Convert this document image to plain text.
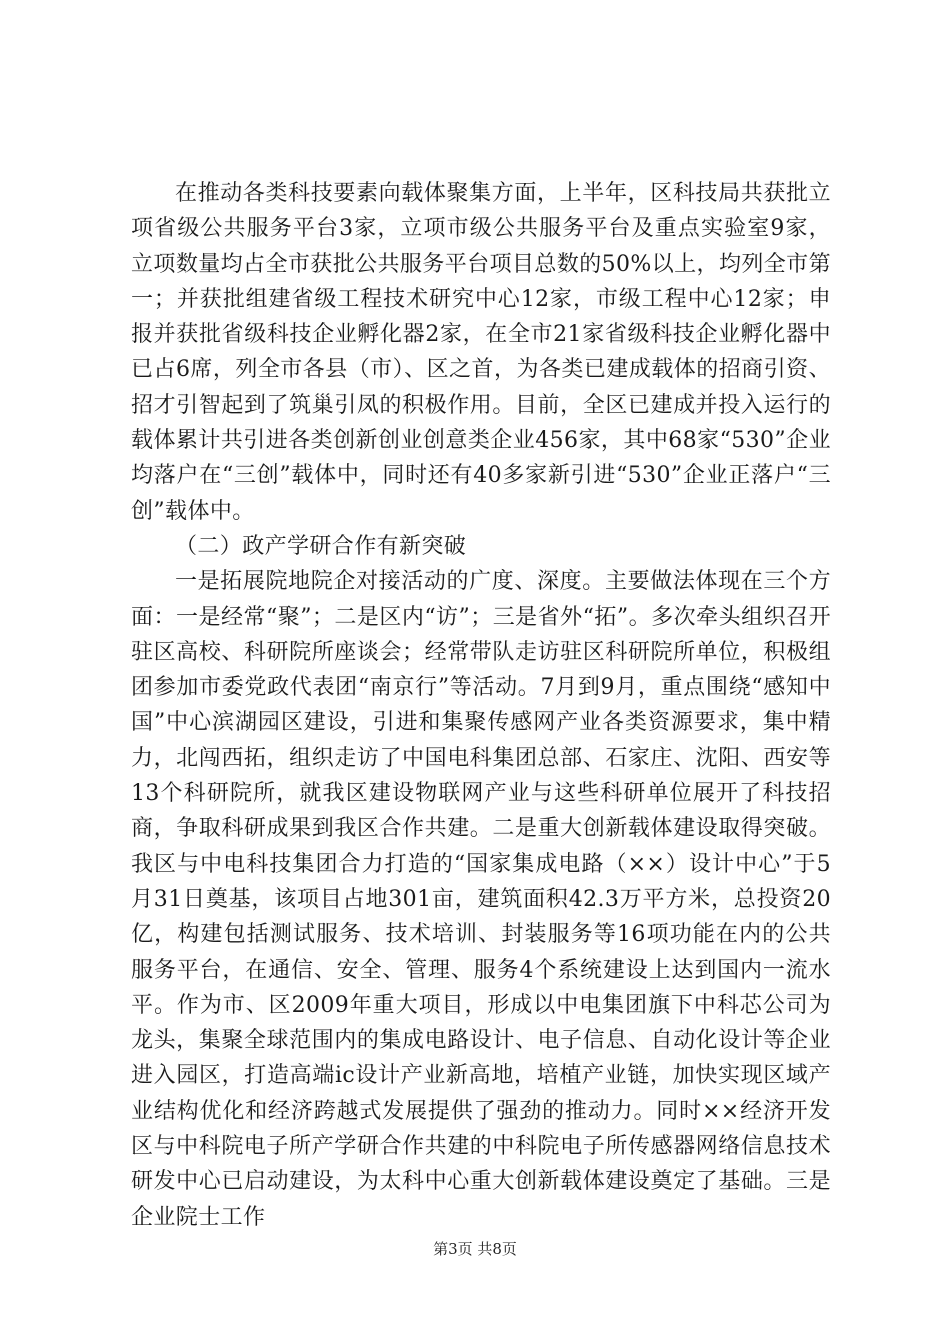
在推动各类科技要素向载体聚集方面，上半年，区科技局共获批立项省级公共服务平台3家，立项市级公共服务平台及重点实验室9家，立项数量均占全市获批公共服务平台项目总数的50%以上，均列全市第一；并获批组建省级工程技术研究中心12家，市级工程中心12家；申报并获批省级科技企业孵化器2家，在全市21家省级科技企业孵化器中已占6席，列全市各县（市）、区之首，为各类已建成载体的招商引资、招才引智起到了筑巢引凤的积极作用。目前，全区已建成并投入运行的载体累计共引进各类创新创业创意类企业456家，其中68家“530”企业均落户在“三创”载体中，同时还有40多家新引进“530”企业正落户“三创”载体中。

（二）政产学研合作有新突破

一是拓展院地院企对接活动的广度、深度。主要做法体现在三个方面：一是经常“聚”；二是区内“访”；三是省外“拓”。多次牵头组织召开驻区高校、科研院所座谈会；经常带队走访驻区科研院所单位，积极组团参加市委党政代表团“南京行”等活动。7月到9月，重点围绕“感知中国”中心滨湖园区建设，引进和集聚传感网产业各类资源要求，集中精力，北闯西拓，组织走访了中国电科集团总部、石家庄、沈阳、西安等13个科研院所，就我区建设物联网产业与这些科研单位展开了科技招商，争取科研成果到我区合作共建。二是重大创新载体建设取得突破。我区与中电科技集团合力打造的“国家集成电路（××）设计中心”于5月31日奠基，该项目占地301亩，建筑面积42.3万平方米，总投资20亿，构建包括测试服务、技术培训、封装服务等16项功能在内的公共服务平台，在通信、安全、管理、服务4个系统建设上达到国内一流水平。作为市、区2009年重大项目，形成以中电集团旗下中科芯公司为龙头，集聚全球范围内的集成电路设计、电子信息、自动化设计等企业进入园区，打造高端ic设计产业新高地，培植产业链，加快实现区域产业结构优化和经济跨越式发展提供了强劲的推动力。同时××经济开发区与中科院电子所产学研合作共建的中科院电子所传感器网络信息技术研发中心已启动建设，为太科中心重大创新载体建设奠定了基础。三是企业院士工作

第3页 共8页
